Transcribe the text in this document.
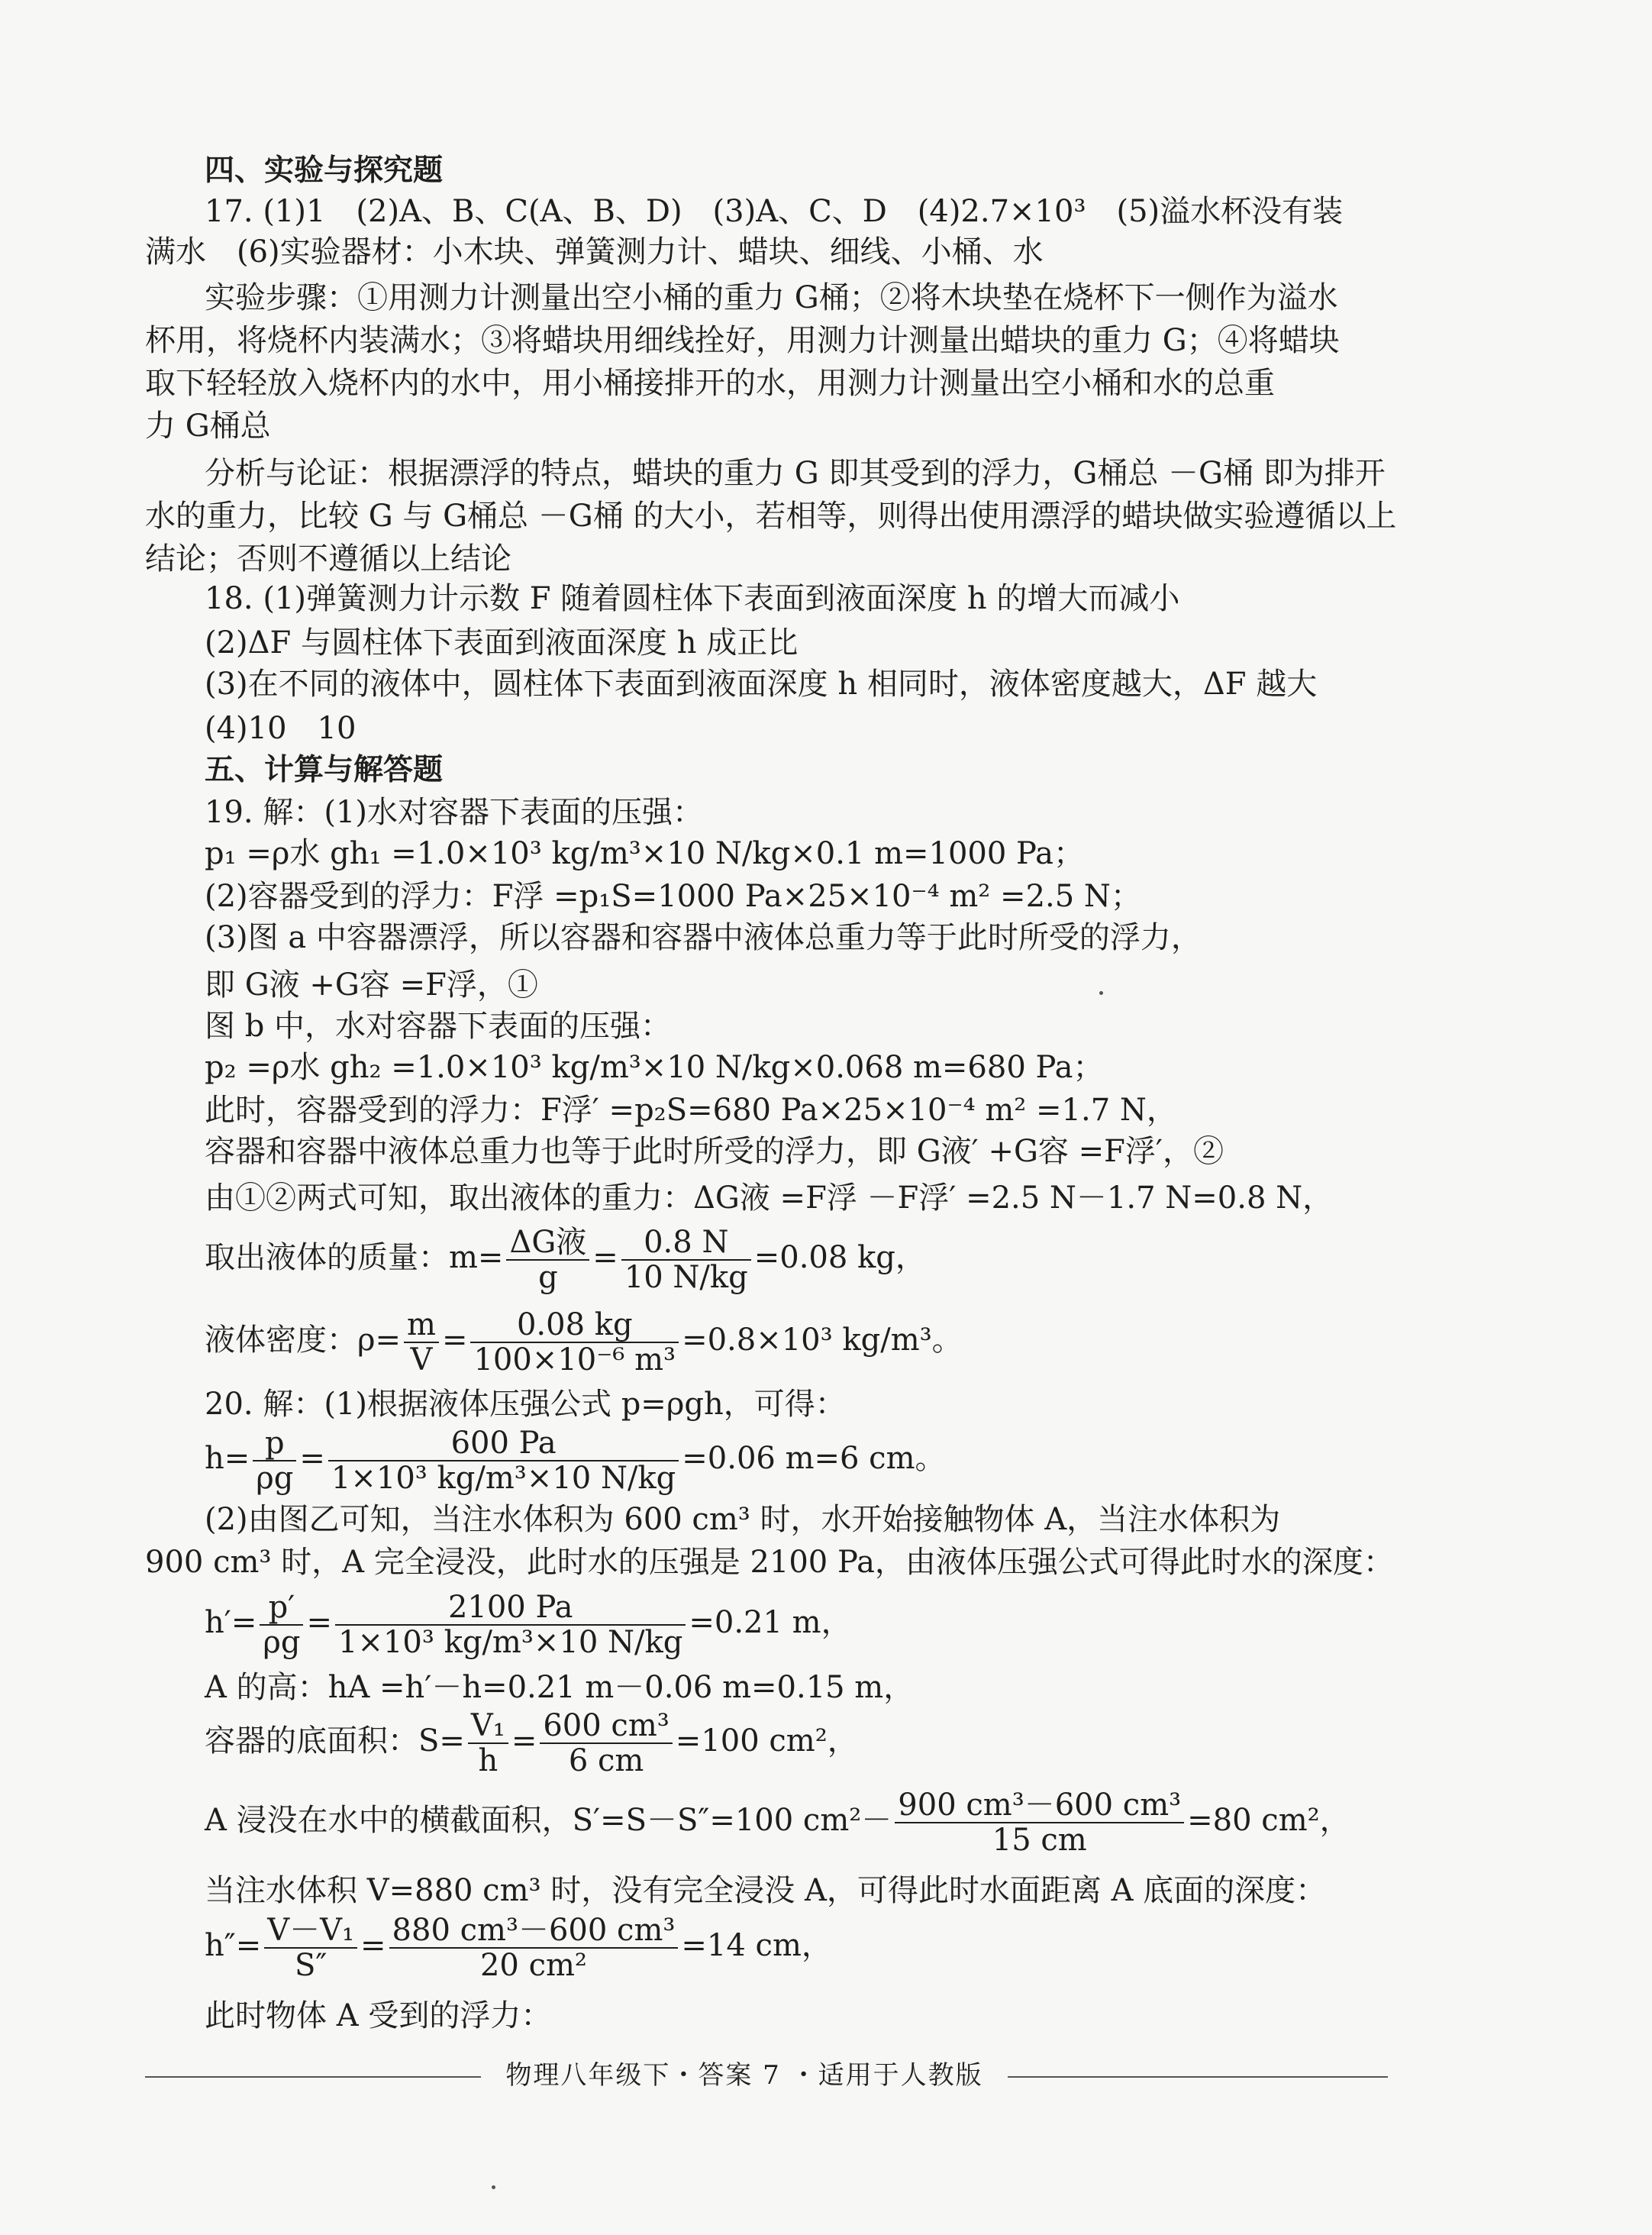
四、实验与探究题
17. (1)1　(2)A、B、C(A、B、D)　(3)A、C、D　(4)2.7×10³　(5)溢水杯没有装
满水　(6)实验器材：小木块、弹簧测力计、蜡块、细线、小桶、水
实验步骤：①用测力计测量出空小桶的重力 G桶；②将木块垫在烧杯下一侧作为溢水
杯用，将烧杯内装满水；③将蜡块用细线拴好，用测力计测量出蜡块的重力 G；④将蜡块
取下轻轻放入烧杯内的水中，用小桶接排开的水，用测力计测量出空小桶和水的总重
力 G桶总
分析与论证：根据漂浮的特点，蜡块的重力 G 即其受到的浮力，G桶总 －G桶 即为排开
水的重力，比较 G 与 G桶总 －G桶 的大小，若相等，则得出使用漂浮的蜡块做实验遵循以上
结论；否则不遵循以上结论
18. (1)弹簧测力计示数 F 随着圆柱体下表面到液面深度 h 的增大而减小
(2)ΔF 与圆柱体下表面到液面深度 h 成正比
(3)在不同的液体中，圆柱体下表面到液面深度 h 相同时，液体密度越大，ΔF 越大
(4)10　10
五、计算与解答题
19. 解：(1)水对容器下表面的压强：
p₁ =ρ水 gh₁ =1.0×10³ kg/m³×10 N/kg×0.1 m=1000 Pa；
(2)容器受到的浮力：F浮 =p₁S=1000 Pa×25×10⁻⁴ m² =2.5 N；
(3)图 a 中容器漂浮，所以容器和容器中液体总重力等于此时所受的浮力，
即 G液 +G容 =F浮，①
图 b 中，水对容器下表面的压强：
p₂ =ρ水 gh₂ =1.0×10³ kg/m³×10 N/kg×0.068 m=680 Pa；
此时，容器受到的浮力：F浮′ =p₂S=680 Pa×25×10⁻⁴ m² =1.7 N，
容器和容器中液体总重力也等于此时所受的浮力，即 G液′ +G容 =F浮′，②
由①②两式可知，取出液体的重力：ΔG液 =F浮 －F浮′ =2.5 N－1.7 N=0.8 N，
取出液体的质量：$m= \frac{\text{ΔG液}}{g} = \frac{0.8 N}{10 N/kg} =0.08$ kg，
液体密度：$\rho= \frac{m}{V} = \frac{0.08 kg}{\text{100×10⁻⁶ m³}} =0.8\times 10^3$ kg/m³。
20. 解：(1)根据液体压强公式 p=ρgh，可得：
$h= \frac{p}{\rho g} = \frac{600 Pa}{\text{1×10³ kg/m³×10 N/kg}} =0.06$ m=6 cm。
(2)由图乙可知，当注水体积为 600 cm³ 时，水开始接触物体 A，当注水体积为
900 cm³ 时，A 完全浸没，此时水的压强是 2100 Pa，由液体压强公式可得此时水的深度：
$h'= \frac{p'}{\rho g} = \frac{2100 Pa}{\text{1×10³ kg/m³×10 N/kg}} =0.21$ m，
A 的高：hA =h′－h=0.21 m－0.06 m=0.15 m，
容器的底面积：$S= \frac{\text{V₁}}{h} = \frac{\text{600 cm³}}{6 cm} =100$ cm²，
A 浸没在水中的横截面积，S′=S－S″=100 $cm^2- \frac{\text{900 cm³－600 cm³}}{15 cm} =80$ cm²，
当注水体积 V=880 cm³ 时，没有完全浸没 A，可得此时水面距离 A 底面的深度：
$h''= \frac{\text{V－V₁}}{S''} = \frac{\text{880 cm³－600 cm³}}{\text{20 cm²}} =14$ cm，
此时物体 A 受到的浮力：
物理八年级下・答案 7 ・适用于人教版
